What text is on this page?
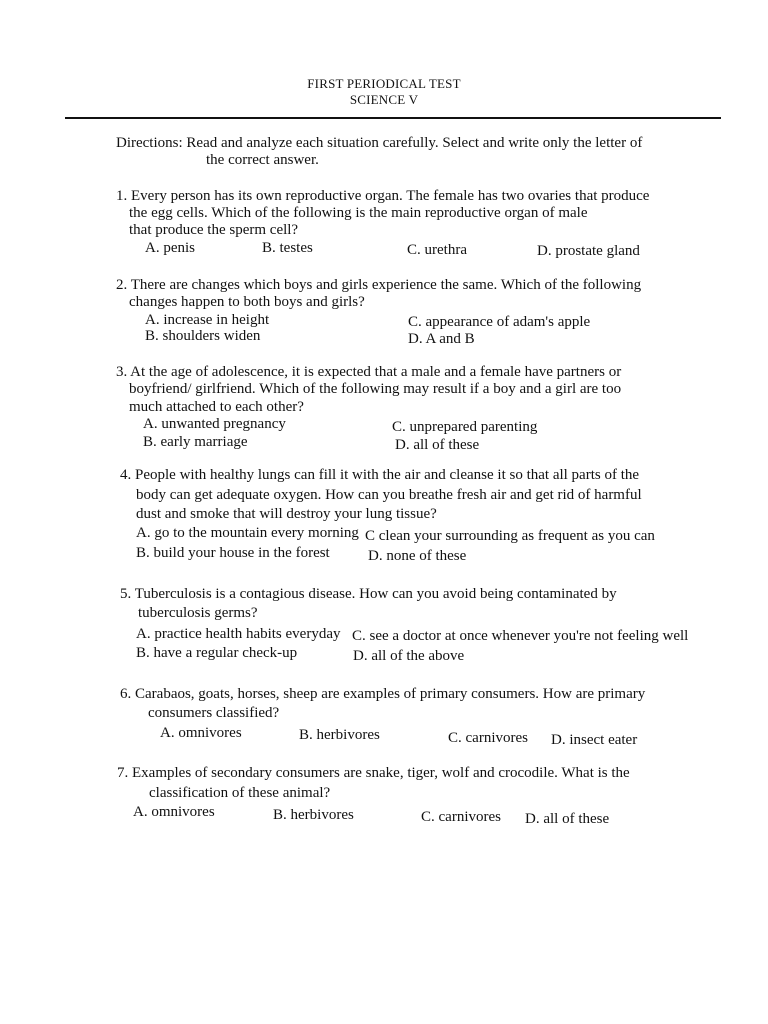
FIRST PERIODICAL TEST
SCIENCE V
Directions: Read and analyze each situation carefully. Select and write only the letter of
the correct answer.
1. Every person has its own reproductive organ. The female has two ovaries that produce
the egg cells. Which of the following is the main reproductive organ of male
that produce the sperm cell?
A. penis	B. testes	C. urethra	D. prostate gland
2. There are changes which boys and girls experience the same. Which of the following
changes happen to both boys and girls?
A. increase in height
B. shoulders widen
C. appearance of adam's apple
D. A and B
3. At the age of adolescence, it is expected that a male and a female have partners or
boyfriend/ girlfriend. Which of the following may result if a boy and a girl are too
much attached to each other?
A. unwanted pregnancy
B. early marriage
C. unprepared parenting
D. all of these
4. People with healthy lungs can fill it with the air and cleanse it so that all parts of the
body can get adequate oxygen. How can you breathe fresh air and get rid of harmful
dust and smoke that will destroy your lung tissue?
A. go to the mountain every morning C clean your surrounding as frequent as you can
B. build your house in the forest	D. none of these
5. Tuberculosis is a contagious disease. How can you avoid being contaminated by
tuberculosis germs?
A. practice health habits everyday C. see a doctor at once whenever you're not feeling well
B. have a regular check-up	D. all of the above
6. Carabaos, goats, horses, sheep are examples of primary consumers. How are primary
consumers classified?
A. omnivores	B. herbivores	C. carnivores D. insect eater
7. Examples of secondary consumers are snake, tiger, wolf and crocodile. What is the
classification of these animal?
A. omnivores	B. herbivores	C. carnivores D. all of these
